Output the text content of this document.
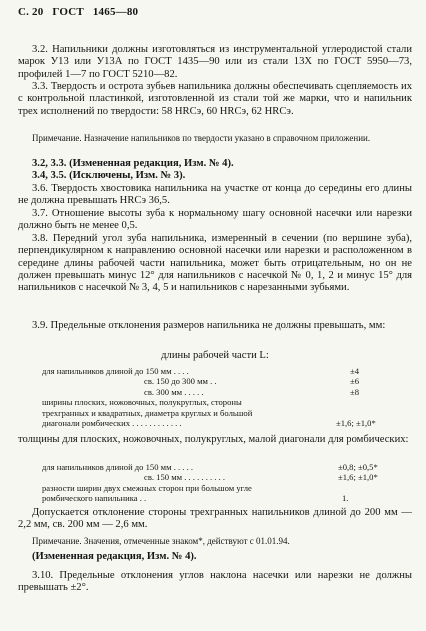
С. 20 ГОСТ 1465—80

3.2. Напильники должны изготовляться из инструментальной углеродистой стали марок У13 или У13А по ГОСТ 1435—90 или из стали 13Х по ГОСТ 5950—73, профилей 1—7 по ГОСТ 5210—82.

3.3. Твердость и острота зубьев напильника должны обеспечивать сцепляемость их с контрольной пластинкой, изготовленной из стали той же марки, что и напильник трех исполнений по твердости: 58 HRCэ, 60 HRCэ, 62 HRCэ.

Примечание. Назначение напильников по твердости указано в справочном приложении.

3.2, 3.3. (Измененная редакция, Изм. № 4).

3.4, 3.5. (Исключены, Изм. № 3).

3.6. Твердость хвостовика напильника на участке от конца до середины его длины не должна превышать HRCэ 36,5.

3.7. Отношение высоты зуба к нормальному шагу основной насечки или нарезки должно быть не менее 0,5.

3.8. Передний угол зуба напильника, измеренный в сечении (по вершине зуба), перпендикулярном к направлению основной насечки или нарезки и расположенном в середине длины рабочей части напильника, может быть отрицательным, но он не должен превышать минус 12° для напильников с насечкой № 0, 1, 2 и минус 15° для напильников с насечкой № 3, 4, 5 и напильников с нарезанными зубьями.

3.9. Предельные отклонения размеров напильника не должны превышать, мм:

длины рабочей части L:
для напильников длиной до 150 мм . . . .	±4
св. 150 до 300 мм . .	±6
св. 300 мм . . . . .	±8
ширины плоских, ножовочных, полукруглых, стороны трехгранных и квадратных, диаметра круглых и большой диагонали ромбических . . . . . . . . . . . .	±1,6; ±1,0*

толщины для плоских, ножовочных, полукруглых, малой диагонали для ромбических:

для напильников длиной до 150 мм . . . . .	±0,8; ±0,5*
св. 150 мм . . . . . . . . . .	±1,6; ±1,0*
разности ширин двух смежных сторон при большом угле ромбического напильника . .	1.

Допускается отклонение стороны трехгранных напильников длиной до 200 мм — 2,2 мм, св. 200 мм — 2,6 мм.

Примечание. Значения, отмеченные знаком*, действуют с 01.01.94.

(Измененная редакция, Изм. № 4).

3.10. Предельные отклонения углов наклона насечки или нарезки не должны превышать ±2°.
